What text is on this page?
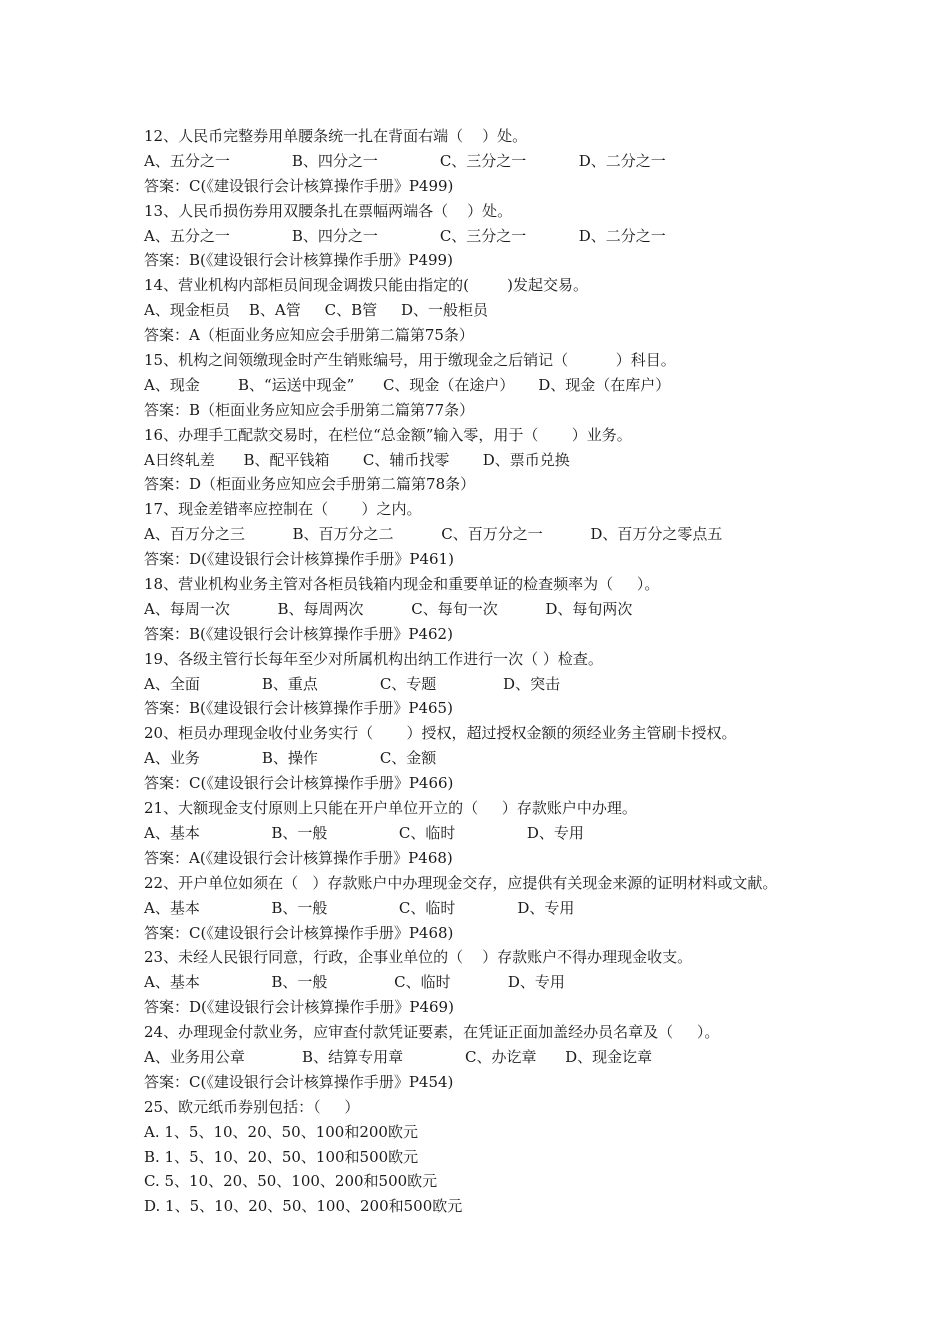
12、人民币完整券用单腰条统一扎在背面右端（    ）处。
A、五分之一             B、四分之一             C、三分之一           D、二分之一
答案：C(《建设银行会计核算操作手册》P499)
13、人民币损伤券用双腰条扎在票幅两端各（    ）处。
A、五分之一             B、四分之一             C、三分之一           D、二分之一
答案：B(《建设银行会计核算操作手册》P499)
14、营业机构内部柜员间现金调拨只能由指定的(        )发起交易。
A、现金柜员    B、A管     C、B管     D、一般柜员
答案：A（柜面业务应知应会手册第二篇第75条）
15、机构之间领缴现金时产生销账编号，用于缴现金之后销记（          ）科目。
A、现金        B、“运送中现金”      C、现金（在途户）     D、现金（在库户）
答案：B（柜面业务应知应会手册第二篇第77条）
16、办理手工配款交易时，在栏位“总金额”输入零，用于（       ）业务。
A日终轧差      B、配平钱箱       C、辅币找零       D、票币兑换
答案：D（柜面业务应知应会手册第二篇第78条）
17、现金差错率应控制在（       ）之内。
A、百万分之三          B、百万分之二          C、百万分之一          D、百万分之零点五
答案：D(《建设银行会计核算操作手册》P461)
18、营业机构业务主管对各柜员钱箱内现金和重要单证的检查频率为（     ）。
A、每周一次          B、每周两次          C、每旬一次          D、每旬两次
答案：B(《建设银行会计核算操作手册》P462)
19、各级主管行长每年至少对所属机构出纳工作进行一次（ ）检查。
A、全面             B、重点             C、专题              D、突击
答案：B(《建设银行会计核算操作手册》P465)
20、柜员办理现金收付业务实行（       ）授权，超过授权金额的须经业务主管刷卡授权。
A、业务             B、操作             C、金额
答案：C(《建设银行会计核算操作手册》P466)
21、大额现金支付原则上只能在开户单位开立的（     ）存款账户中办理。
A、基本               B、一般               C、临时               D、专用
答案：A(《建设银行会计核算操作手册》P468)
22、开户单位如须在（   ）存款账户中办理现金交存，应提供有关现金来源的证明材料或文献。
A、基本               B、一般               C、临时             D、专用
答案：C(《建设银行会计核算操作手册》P468)
23、未经人民银行同意，行政，企事业单位的（    ）存款账户不得办理现金收支。
A、基本               B、一般              C、临时            D、专用
答案：D(《建设银行会计核算操作手册》P469)
24、办理现金付款业务，应审查付款凭证要素，在凭证正面加盖经办员名章及（     ）。
A、业务用公章            B、结算专用章             C、办讫章      D、现金讫章
答案：C(《建设银行会计核算操作手册》P454)
25、欧元纸币券别包括：（     ）
A. 1、5、10、20、50、100和200欧元
B. 1、5、10、20、50、100和500欧元
C. 5、10、20、50、100、200和500欧元
D. 1、5、10、20、50、100、200和500欧元
